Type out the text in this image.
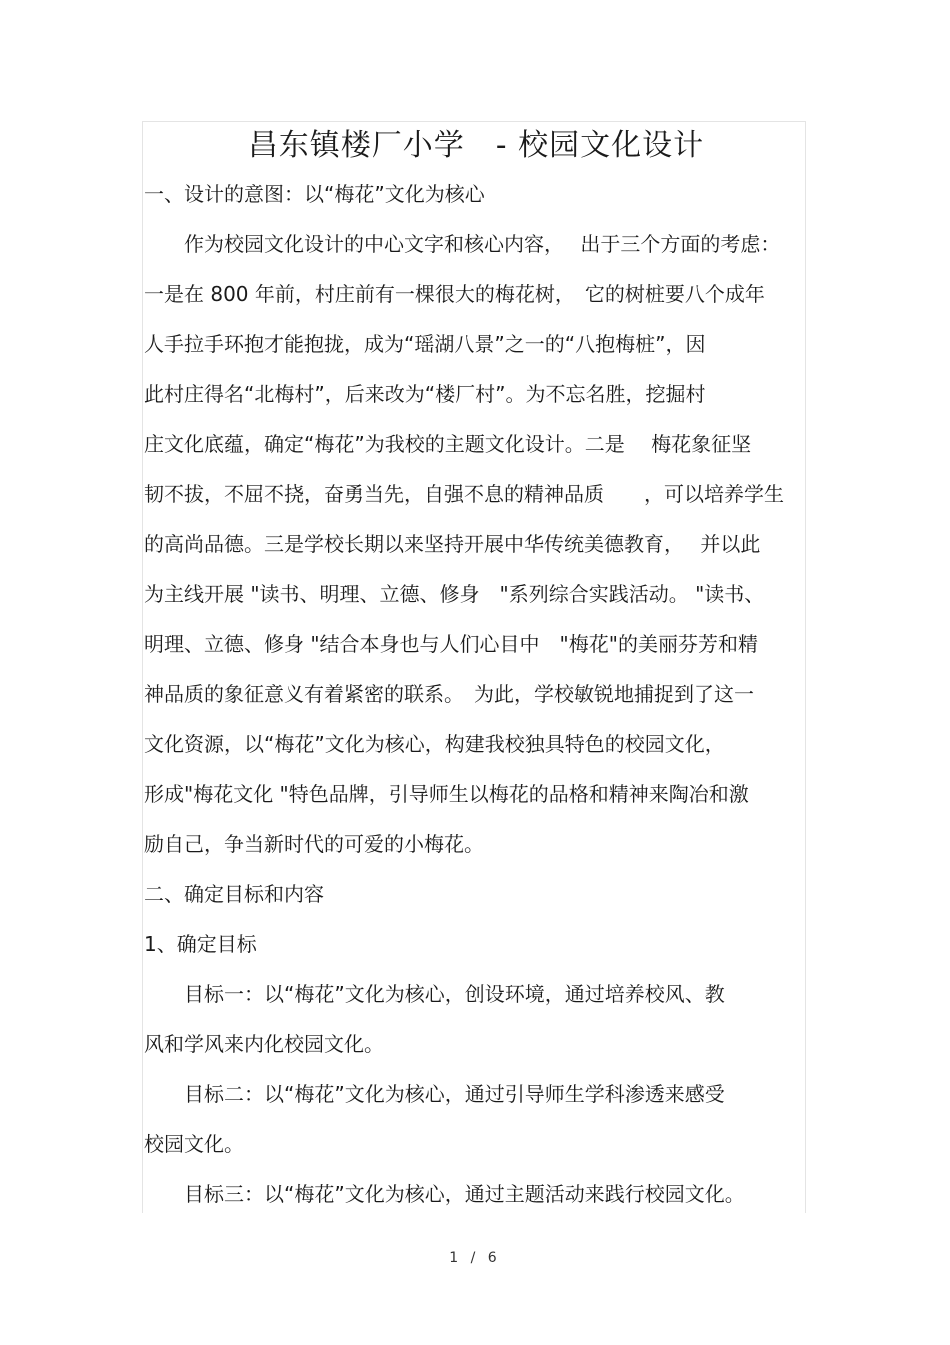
昌东镇楼厂小学　- 校园文化设计

一、设计的意图：以“梅花”文化为核心

　　作为校园文化设计的中心文字和核心内容，　 出于三个方面的考虑：

一是在 800 年前，村庄前有一棵很大的梅花树，　它的树桩要八个成年

人手拉手环抱才能抱拢，成为“瑶湖八景”之一的“八抱梅桩”，因

此村庄得名“北梅村”，后来改为“楼厂村”。为不忘名胜，挖掘村

庄文化底蕴，确定“梅花”为我校的主题文化设计。二是　 梅花象征坚

韧不拔，不屈不挠，奋勇当先，自强不息的精神品质　　，可以培养学生

的高尚品德。三是学校长期以来坚持开展中华传统美德教育，　 并以此

为主线开展 "读书、明理、立德、修身　"系列综合实践活动。 "读书、

明理、立德、修身 "结合本身也与人们心目中　"梅花"的美丽芬芳和精

神品质的象征意义有着紧密的联系。　为此，学校敏锐地捕捉到了这一

文化资源，以“梅花”文化为核心，构建我校独具特色的校园文化，

形成"梅花文化 "特色品牌，引导师生以梅花的品格和精神来陶冶和激

励自己，争当新时代的可爱的小梅花。

二、确定目标和内容

1、确定目标

　　目标一：以“梅花”文化为核心，创设环境，通过培养校风、教

风和学风来内化校园文化。

　　目标二：以“梅花”文化为核心，通过引导师生学科渗透来感受

校园文化。

　　目标三：以“梅花”文化为核心，通过主题活动来践行校园文化。

1 / 6
